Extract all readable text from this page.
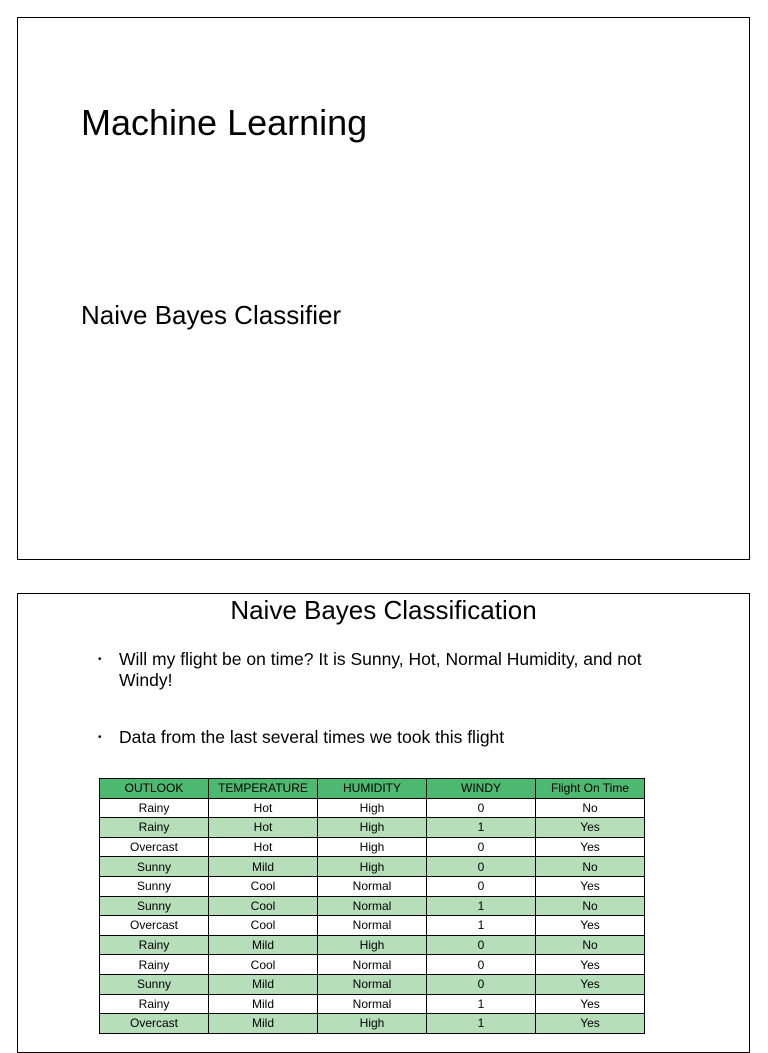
Machine Learning
Naive Bayes Classifier
Naive Bayes Classification
• Will my flight be on time? It is Sunny, Hot, Normal Humidity, and not Windy!
• Data from the last several times we took this flight
OUTLOOK	TEMPERATURE	HUMIDITY	WINDY	Flight On Time
Rainy	Hot	High	0	No
Rainy	Hot	High	1	Yes
Overcast	Hot	High	0	Yes
Sunny	Mild	High	0	No
Sunny	Cool	Normal	0	Yes
Sunny	Cool	Normal	1	No
Overcast	Cool	Normal	1	Yes
Rainy	Mild	High	0	No
Rainy	Cool	Normal	0	Yes
Sunny	Mild	Normal	0	Yes
Rainy	Mild	Normal	1	Yes
Overcast	Mild	High	1	Yes
